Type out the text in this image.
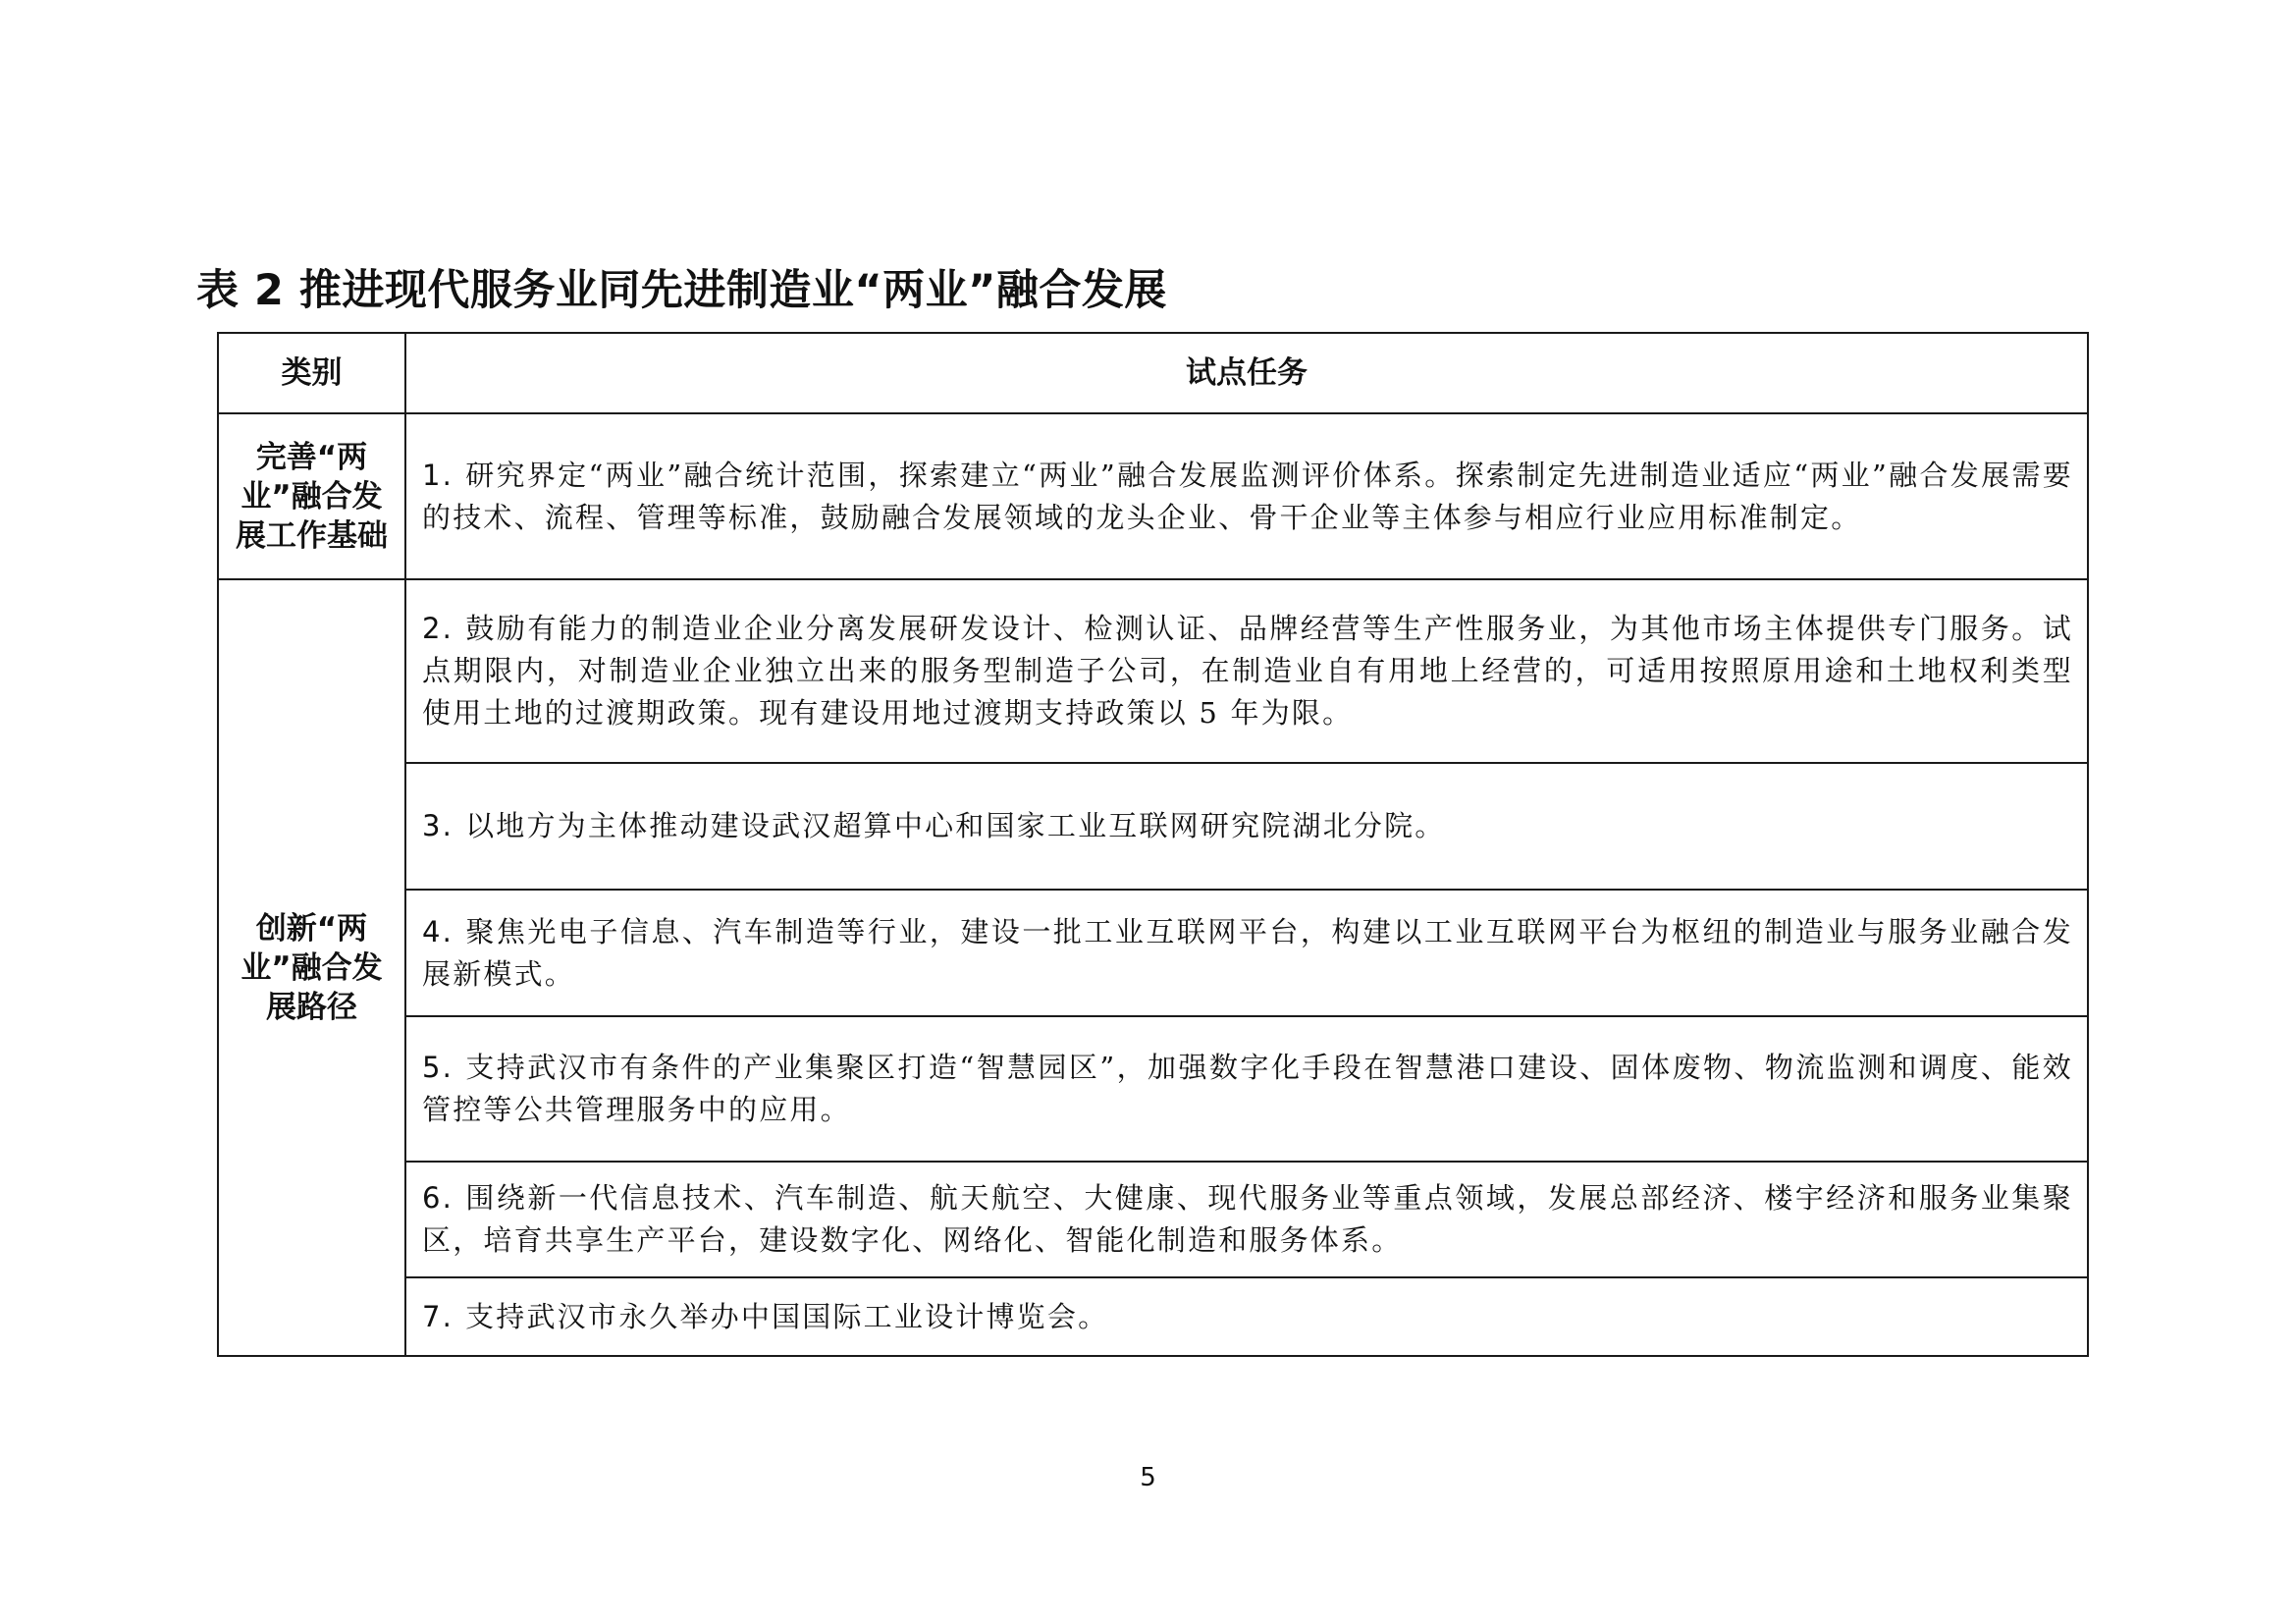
表 2 推进现代服务业同先进制造业“两业”融合发展
类别	试点任务
完善“两业”融合发展工作基础
创新“两业”融合发展路径
1. 研究界定“两业”融合统计范围，探索建立“两业”融合发展监测评价体系。探索制定先进制造业适应“两业”融合发展需要的技术、流程、管理等标准，鼓励融合发展领域的龙头企业、骨干企业等主体参与相应行业应用标准制定。
2. 鼓励有能力的制造业企业分离发展研发设计、检测认证、品牌经营等生产性服务业，为其他市场主体提供专门服务。试点期限内，对制造业企业独立出来的服务型制造子公司，在制造业自有用地上经营的，可适用按照原用途和土地权利类型使用土地的过渡期政策。现有建设用地过渡期支持政策以 5 年为限。
3. 以地方为主体推动建设武汉超算中心和国家工业互联网研究院湖北分院。
4. 聚焦光电子信息、汽车制造等行业，建设一批工业互联网平台，构建以工业互联网平台为枢纽的制造业与服务业融合发展新模式。
5. 支持武汉市有条件的产业集聚区打造“智慧园区”，加强数字化手段在智慧港口建设、固体废物、物流监测和调度、能效管控等公共管理服务中的应用。
6. 围绕新一代信息技术、汽车制造、航天航空、大健康、现代服务业等重点领域，发展总部经济、楼宇经济和服务业集聚区，培育共享生产平台，建设数字化、网络化、智能化制造和服务体系。
7. 支持武汉市永久举办中国国际工业设计博览会。
5
